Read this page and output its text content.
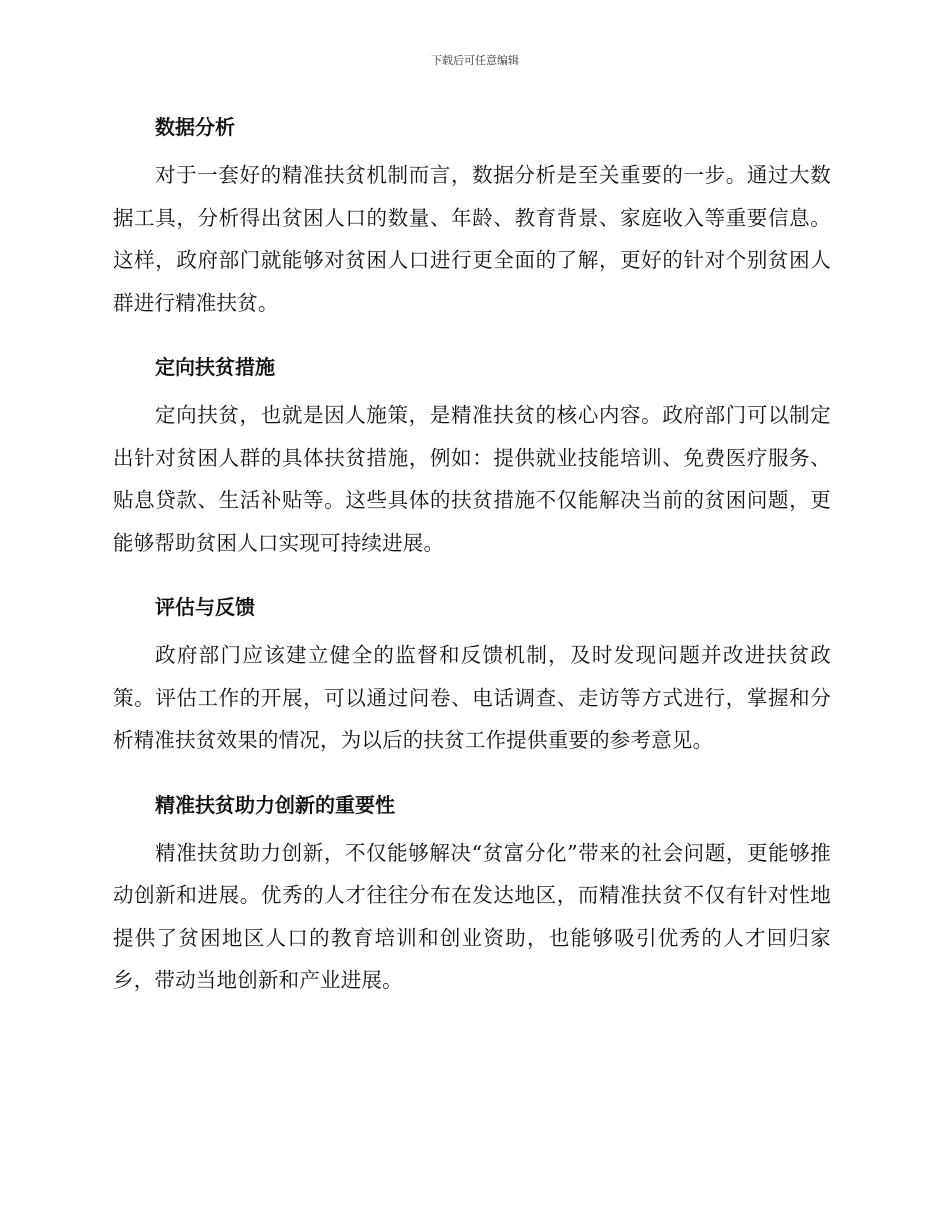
下载后可任意编辑
数据分析

对于一套好的精准扶贫机制而言，数据分析是至关重要的一步。通过大数据工具，分析得出贫困人口的数量、年龄、教育背景、家庭收入等重要信息。这样，政府部门就能够对贫困人口进行更全面的了解，更好的针对个别贫困人群进行精准扶贫。

定向扶贫措施

定向扶贫，也就是因人施策，是精准扶贫的核心内容。政府部门可以制定出针对贫困人群的具体扶贫措施，例如：提供就业技能培训、免费医疗服务、贴息贷款、生活补贴等。这些具体的扶贫措施不仅能解决当前的贫困问题，更能够帮助贫困人口实现可持续进展。

评估与反馈

政府部门应该建立健全的监督和反馈机制，及时发现问题并改进扶贫政策。评估工作的开展，可以通过问卷、电话调查、走访等方式进行，掌握和分析精准扶贫效果的情况，为以后的扶贫工作提供重要的参考意见。

精准扶贫助力创新的重要性

精准扶贫助力创新，不仅能够解决“贫富分化”带来的社会问题，更能够推动创新和进展。优秀的人才往往分布在发达地区，而精准扶贫不仅有针对性地提供了贫困地区人口的教育培训和创业资助，也能够吸引优秀的人才回归家乡，带动当地创新和产业进展。
